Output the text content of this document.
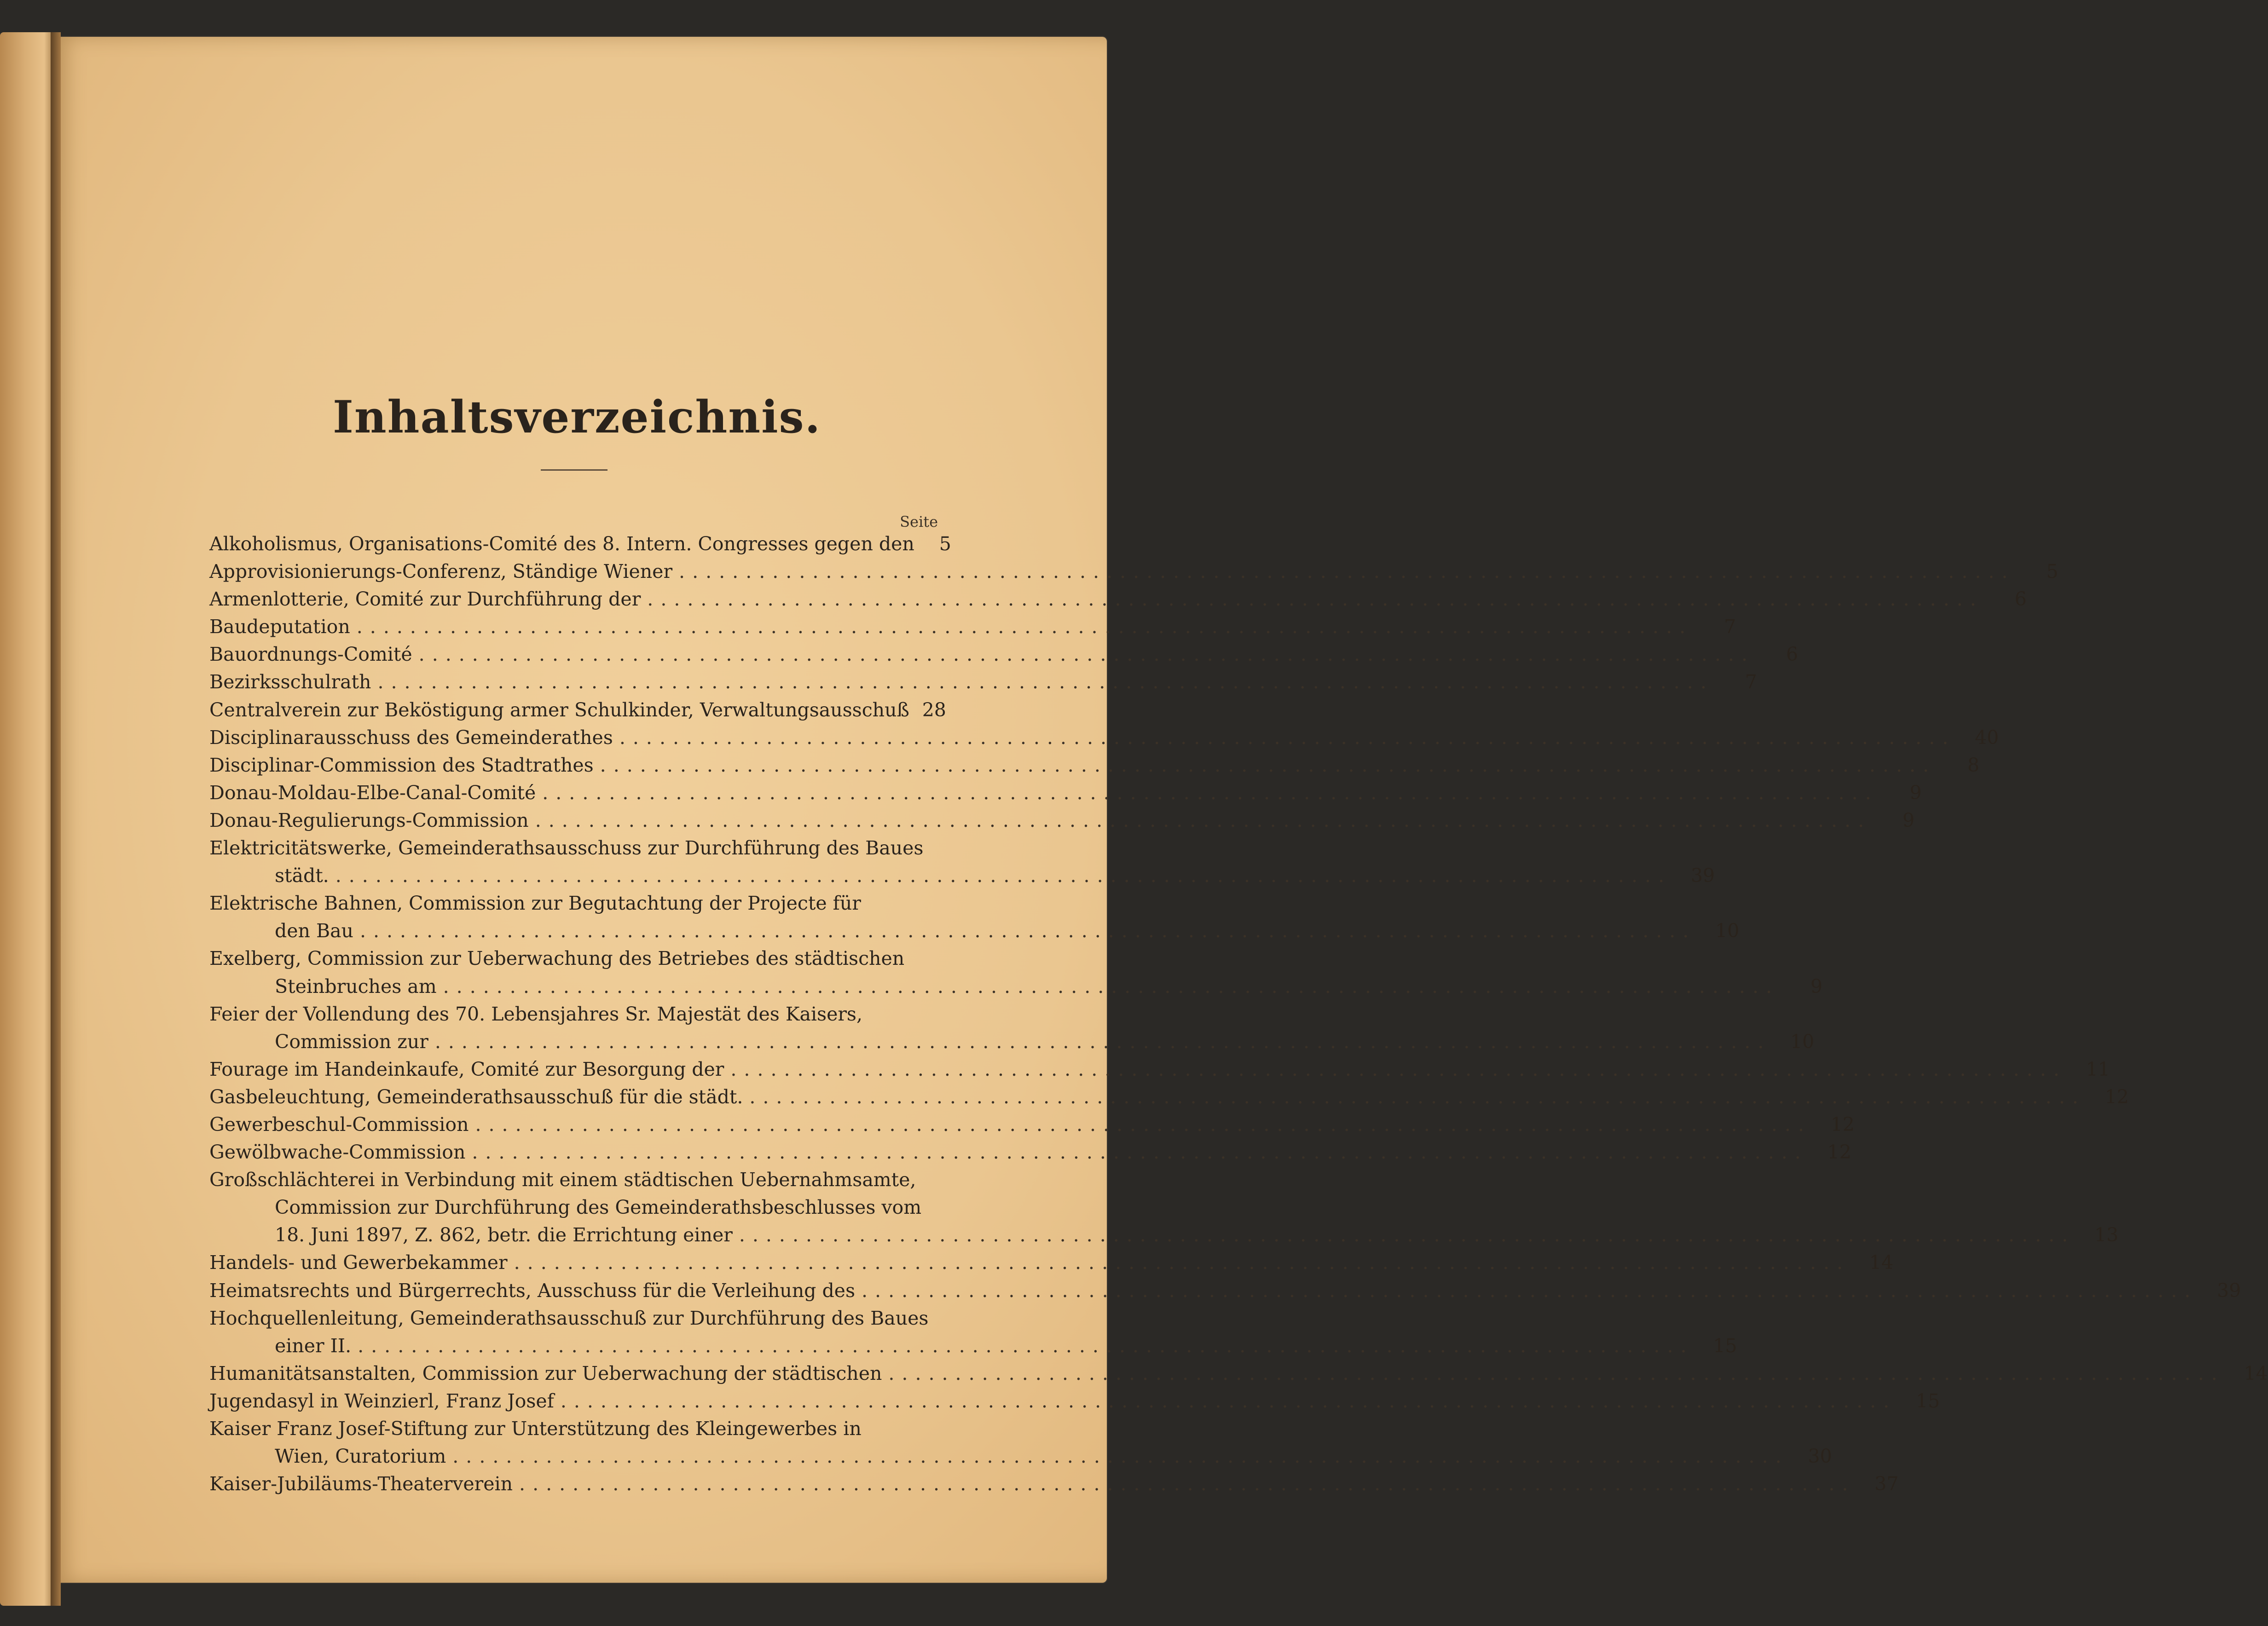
Inhaltsverzeichnis.
Seite
Alkoholismus, Organisations-Comité des 8. Intern. Congresses gegen den	5
Approvisionierungs-Conferenz, Ständige Wiener ....................................................................................................	5
Armenlotterie, Comité zur Durchführung der ....................................................................................................	6
Baudeputation ....................................................................................................	7
Bauordnungs-Comité ....................................................................................................	6
Bezirksschulrath ....................................................................................................	7
Centralverein zur Beköstigung armer Schulkinder, Verwaltungsausschuß 28
Disciplinarausschuss des Gemeinderathes ....................................................................................................	40
Disciplinar-Commission des Stadtrathes ....................................................................................................	8
Donau-Moldau-Elbe-Canal-Comité ....................................................................................................	9
Donau-Regulierungs-Commission ....................................................................................................	9
Elektricitätswerke, Gemeinderathsausschuss zur Durchführung des Baues
städt. ....................................................................................................	39
Elektrische Bahnen, Commission zur Begutachtung der Projecte für
den Bau ....................................................................................................	10
Exelberg, Commission zur Ueberwachung des Betriebes des städtischen
Steinbruches am ....................................................................................................	9
Feier der Vollendung des 70. Lebensjahres Sr. Majestät des Kaisers,
Commission zur ....................................................................................................	10
Fourage im Handeinkaufe, Comité zur Besorgung der ....................................................................................................	11
Gasbeleuchtung, Gemeinderathsausschuß für die städt. ....................................................................................................	12
Gewerbeschul-Commission ....................................................................................................	12
Gewölbwache-Commission ....................................................................................................	12
Großschlächterei in Verbindung mit einem städtischen Uebernahmsamte,
Commission zur Durchführung des Gemeinderathsbeschlusses vom
18. Juni 1897, Z. 862, betr. die Errichtung einer ....................................................................................................	13
Handels- und Gewerbekammer ....................................................................................................	14
Heimatsrechts und Bürgerrechts, Ausschuss für die Verleihung des ....................................................................................................	39
Hochquellenleitung, Gemeinderathsausschuß zur Durchführung des Baues
einer II. ....................................................................................................	15
Humanitätsanstalten, Commission zur Ueberwachung der städtischen ....................................................................................................	14
Jugendasyl in Weinzierl, Franz Josef ....................................................................................................	15
Kaiser Franz Josef-Stiftung zur Unterstützung des Kleingewerbes in
Wien, Curatorium ....................................................................................................	30
Kaiser-Jubiläums-Theaterverein ....................................................................................................	37
